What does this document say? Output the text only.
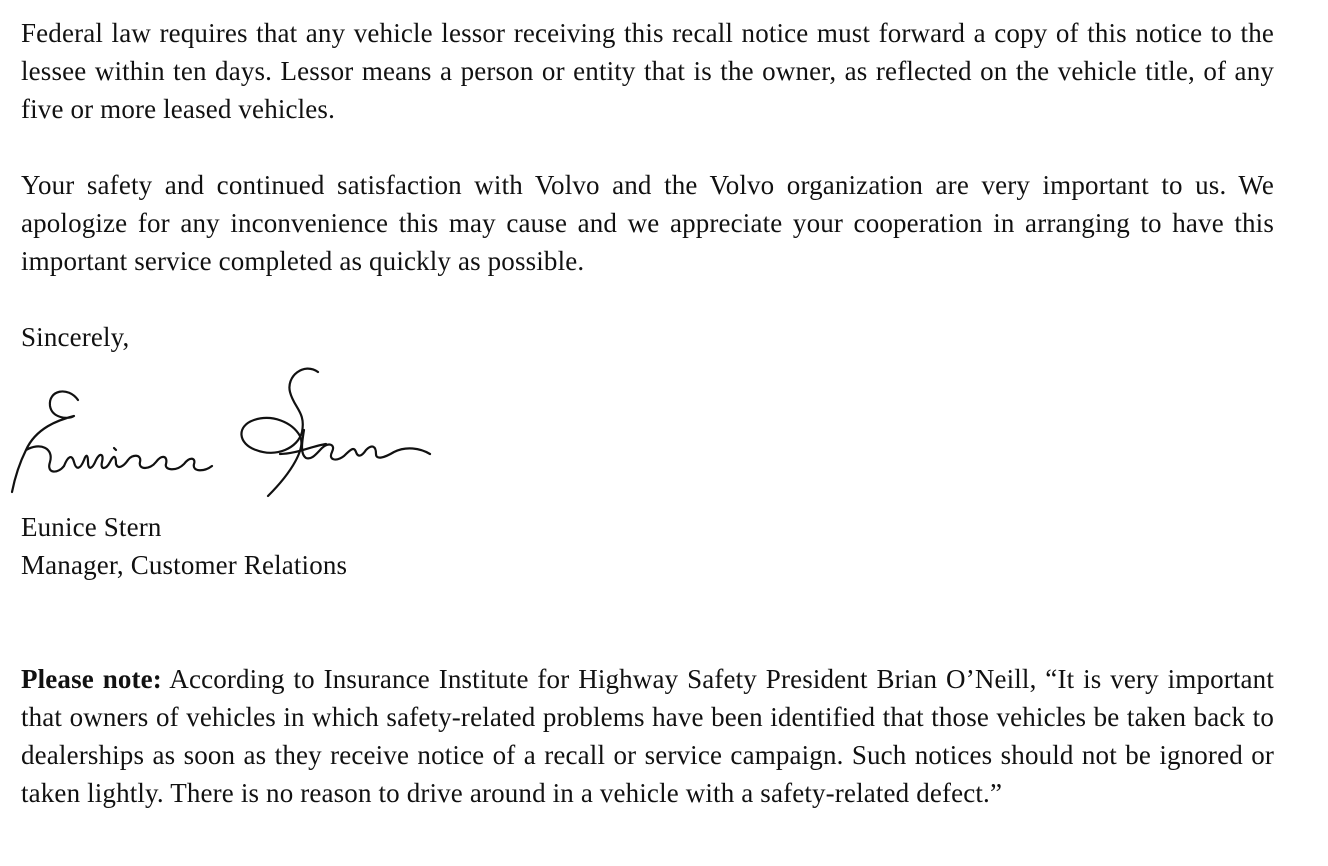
Federal law requires that any vehicle lessor receiving this recall notice must forward a copy of this notice to the lessee within ten days. Lessor means a person or entity that is the owner, as reflected on the vehicle title, of any five or more leased vehicles.

Your safety and continued satisfaction with Volvo and the Volvo organization are very important to us. We apologize for any inconvenience this may cause and we appreciate your cooperation in arranging to have this important service completed as quickly as possible.

Sincerely,

Eunice Stern

Manager, Customer Relations

Please note: According to Insurance Institute for Highway Safety President Brian O’Neill, “It is very important that owners of vehicles in which safety-related problems have been identified that those vehicles be taken back to dealerships as soon as they receive notice of a recall or service campaign. Such notices should not be ignored or taken lightly. There is no reason to drive around in a vehicle with a safety-related defect.”
